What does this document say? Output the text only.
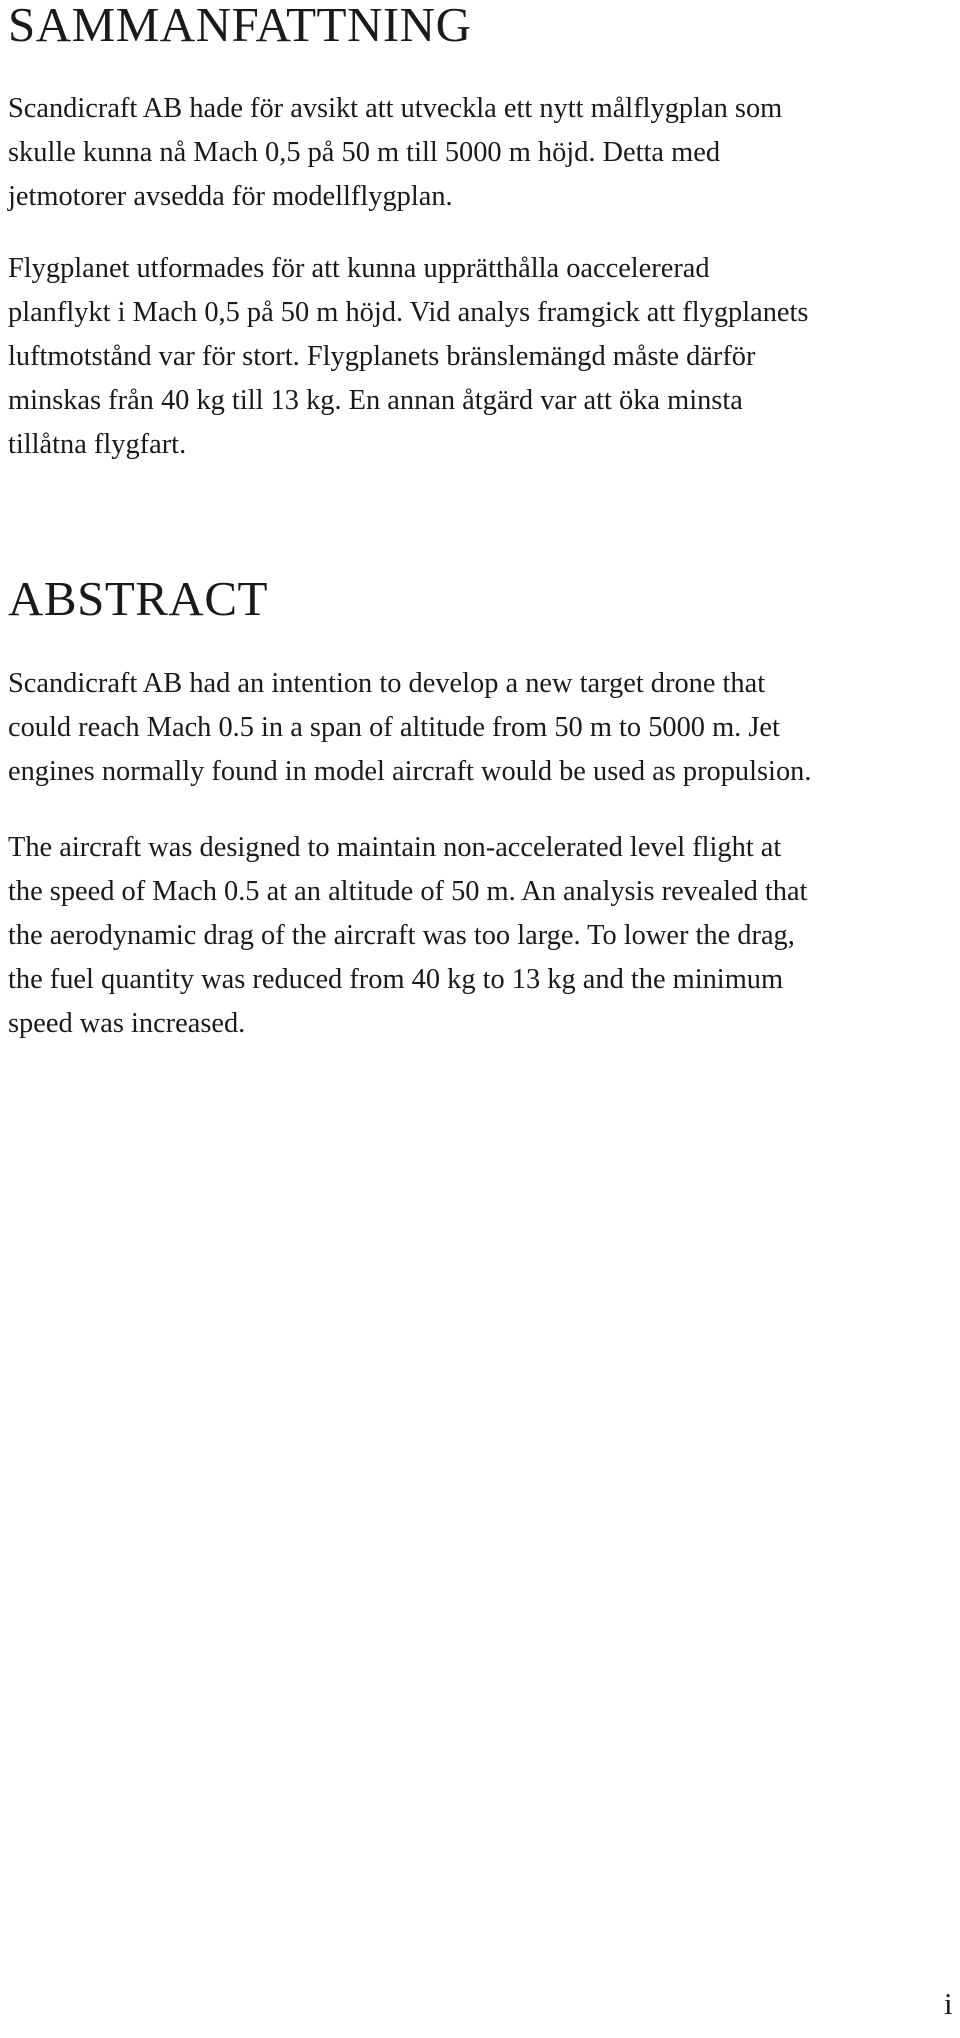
SAMMANFATTNING

Scandicraft AB hade för avsikt att utveckla ett nytt målflygplan som
skulle kunna nå Mach 0,5 på 50 m till 5000 m höjd. Detta med
jetmotorer avsedda för modellflygplan.

Flygplanet utformades för att kunna upprätthålla oaccelererad
planflykt i Mach 0,5 på 50 m höjd. Vid analys framgick att flygplanets
luftmotstånd var för stort. Flygplanets bränslemängd måste därför
minskas från 40 kg till 13 kg. En annan åtgärd var att öka minsta
tillåtna flygfart.

ABSTRACT

Scandicraft AB had an intention to develop a new target drone that
could reach Mach 0.5 in a span of altitude from 50 m to 5000 m. Jet
engines normally found in model aircraft would be used as propulsion.

The aircraft was designed to maintain non-accelerated level flight at
the speed of Mach 0.5 at an altitude of 50 m. An analysis revealed that
the aerodynamic drag of the aircraft was too large. To lower the drag,
the fuel quantity was reduced from 40 kg to 13 kg and the minimum
speed was increased.

i
